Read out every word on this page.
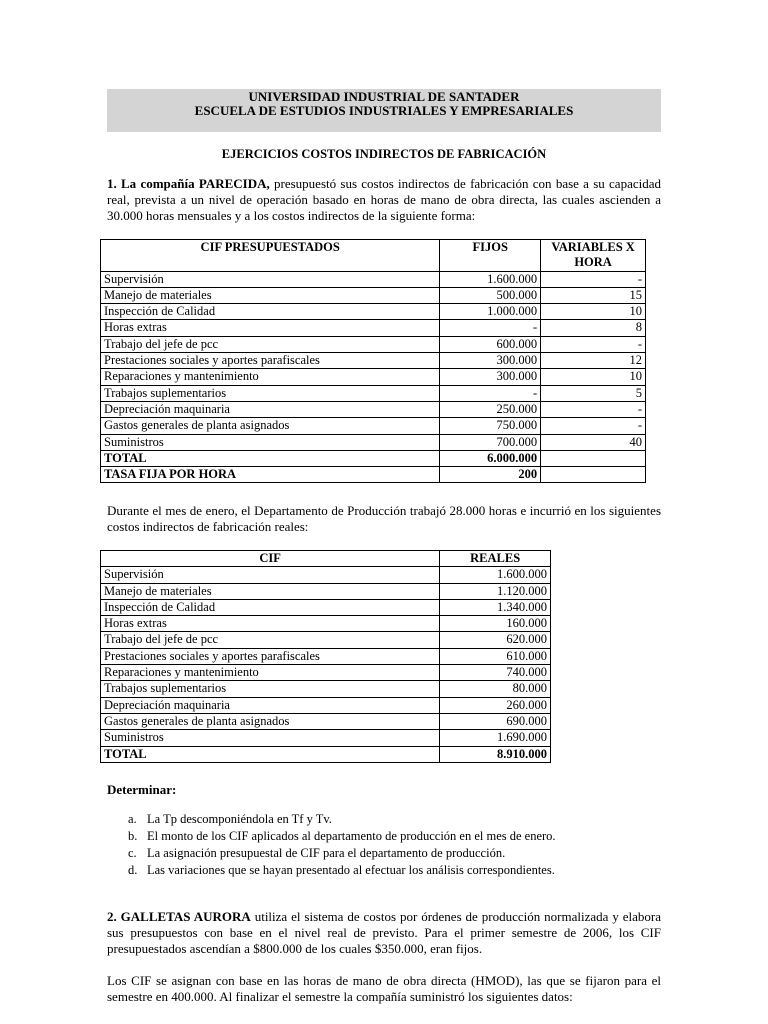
UNIVERSIDAD INDUSTRIAL DE SANTADER
ESCUELA DE ESTUDIOS INDUSTRIALES Y EMPRESARIALES
EJERCICIOS COSTOS INDIRECTOS DE FABRICACIÓN
1. La compañía PARECIDA, presupuestó sus costos indirectos de fabricación con base a su capacidad real, prevista a un nivel de operación basado en horas de mano de obra directa, las cuales ascienden a 30.000 horas mensuales y a los costos indirectos de la siguiente forma:
CIF PRESUPUESTADOS	FIJOS	VARIABLES X HORA
Supervisión	1.600.000	-
Manejo de materiales	500.000	15
Inspección de Calidad	1.000.000	10
Horas extras	-	8
Trabajo del jefe de pcc	600.000	-
Prestaciones sociales y aportes parafiscales	300.000	12
Reparaciones y mantenimiento	300.000	10
Trabajos suplementarios	-	5
Depreciación maquinaria	250.000	-
Gastos generales de planta asignados	750.000	-
Suministros	700.000	40
TOTAL	6.000.000	
TASA FIJA POR HORA	200	
Durante el mes de enero, el Departamento de Producción trabajó 28.000 horas e incurrió en los siguientes costos indirectos de fabricación reales:
CIF	REALES
Supervisión	1.600.000
Manejo de materiales	1.120.000
Inspección de Calidad	1.340.000
Horas extras	160.000
Trabajo del jefe de pcc	620.000
Prestaciones sociales y aportes parafiscales	610.000
Reparaciones y mantenimiento	740.000
Trabajos suplementarios	80.000
Depreciación maquinaria	260.000
Gastos generales de planta asignados	690.000
Suministros	1.690.000
TOTAL	8.910.000
Determinar:
a. La Tp descomponiéndola en Tf y Tv.
b. El monto de los CIF aplicados al departamento de producción en el mes de enero.
c. La asignación presupuestal de CIF para el departamento de producción.
d. Las variaciones que se hayan presentado al efectuar los análisis correspondientes.
2. GALLETAS AURORA utiliza el sistema de costos por órdenes de producción normalizada y elabora sus presupuestos con base en el nivel real de previsto. Para el primer semestre de 2006, los CIF presupuestados ascendían a $800.000 de los cuales $350.000, eran fijos.
Los CIF se asignan con base en las horas de mano de obra directa (HMOD), las que se fijaron para el semestre en 400.000. Al finalizar el semestre la compañía suministró los siguientes datos:
